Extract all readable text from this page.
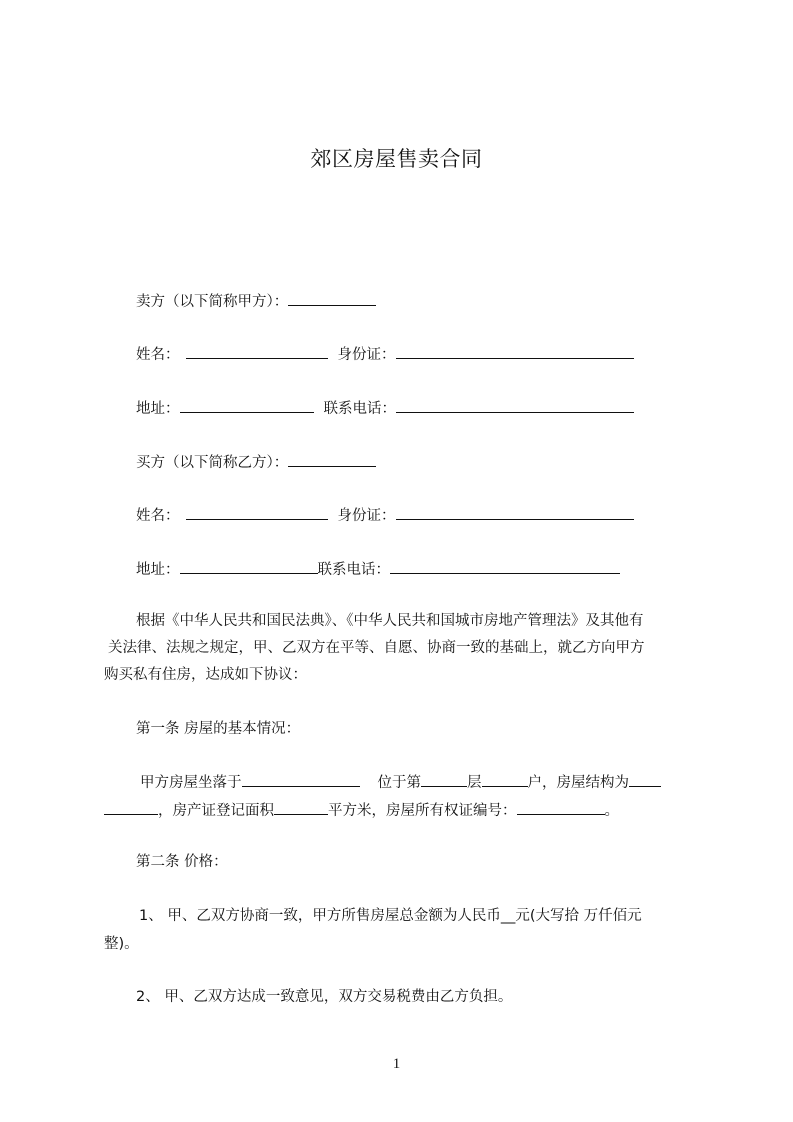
郊区房屋售卖合同
卖方（以下简称甲方）：
姓名：	身份证：
地址：	联系电话：
买方（以下简称乙方）：
姓名：	身份证：
地址：	联系电话：
根据《中华人民共和国民法典》、《中华人民共和国城市房地产管理法》及其他有
关法律、法规之规定，甲、乙双方在平等、自愿、协商一致的基础上，就乙方向甲方
购买私有住房，达成如下协议：
第一条 房屋的基本情况：
甲方房屋坐落于	位于第	层	户，房屋结构为
，房产证登记面积	平方米，房屋所有权证编号：	。
第二条 价格：
1、 甲、乙双方协商一致，甲方所售房屋总金额为人民币__元(大写拾 万仟佰元
整)。
2、 甲、乙双方达成一致意见，双方交易税费由乙方负担。
1
